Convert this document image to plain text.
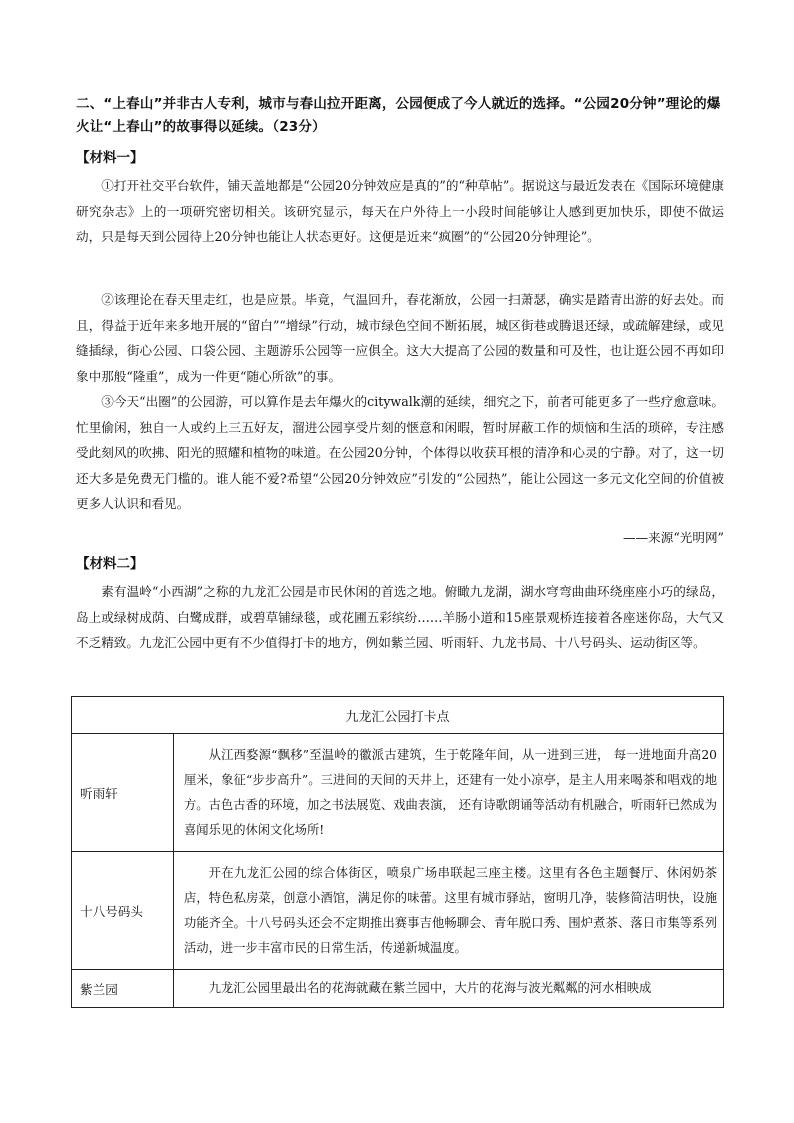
二、“上春山”并非古人专利，城市与春山拉开距离，公园便成了今人就近的选择。“公园20分钟”理论的爆火让“上春山”的故事得以延续。（23分）
【材料一】

①打开社交平台软件，铺天盖地都是“公园20分钟效应是真的”的“种草帖”。据说这与最近发表在《国际环境健康研究杂志》上的一项研究密切相关。该研究显示，每天在户外待上一小段时间能够让人感到更加快乐，即使不做运动，只是每天到公园待上20分钟也能让人状态更好。这便是近来“疯圈”的“公园20分钟理论”。

②该理论在春天里走红，也是应景。毕竟，气温回升，春花渐放，公园一扫萧瑟，确实是踏青出游的好去处。而且，得益于近年来多地开展的“留白”“增绿”行动，城市绿色空间不断拓展，城区街巷或腾退还绿，或疏解建绿，或见缝插绿，街心公园、口袋公园、主题游乐公园等一应俱全。这大大提高了公园的数量和可及性，也让逛公园不再如印象中那般“隆重”，成为一件更“随心所欲”的事。

③今天“出圈”的公园游，可以算作是去年爆火的citywalk潮的延续，细究之下，前者可能更多了一些疗愈意味。忙里偷闲，独自一人或约上三五好友，溜进公园享受片刻的惬意和闲暇，暂时屏蔽工作的烦恼和生活的琐碎，专注感受此刻风的吹拂、阳光的照耀和植物的味道。在公园20分钟，个体得以收获耳根的清净和心灵的宁静。对了，这一切还大多是免费无门槛的。谁人能不爱?希望“公园20分钟效应”引发的“公园热”，能让公园这一多元文化空间的价值被更多人认识和看见。

——来源“光明网”
【材料二】

素有温岭“小西湖”之称的九龙汇公园是市民休闲的首选之地。俯瞰九龙湖，湖水穹弯曲曲环绕座座小巧的绿岛，岛上或绿树成荫、白鹭成群，或碧草铺绿毯，或花圃五彩缤纷……羊肠小道和15座景观桥连接着各座迷你岛，大气又不乏精致。九龙汇公园中更有不少值得打卡的地方，例如紫兰园、听雨轩、九龙书局、十八号码头、运动街区等。

九龙汇公园打卡点	
听雨轩	从江西婺源“飘移”至温岭的徽派古建筑，生于乾隆年间，从一进到三进， 每一进地面升高20厘米，象征“步步高升”。三进间的天间的天井上，还建有一处小凉亭，是主人用来喝茶和唱戏的地方。古色古香的环境，加之书法展览、戏曲表演， 还有诗歌朗诵等活动有机融合，听雨轩已然成为喜闻乐见的休闲文化场所!
十八号码头	开在九龙汇公园的综合体街区，喷泉广场串联起三座主楼。这里有各色主题餐厅、休闲奶茶店，特色私房菜，创意小酒馆，满足你的味蕾。这里有城市驿站，窗明几净，装修简洁明快，设施功能齐全。十八号码头还会不定期推出赛事吉他畅聊会、青年脱口秀、围炉煮茶、落日市集等系列活动，进一步丰富市民的日常生活，传递新城温度。
紫兰园	九龙汇公园里最出名的花海就藏在紫兰园中，大片的花海与波光粼粼的河水相映成
